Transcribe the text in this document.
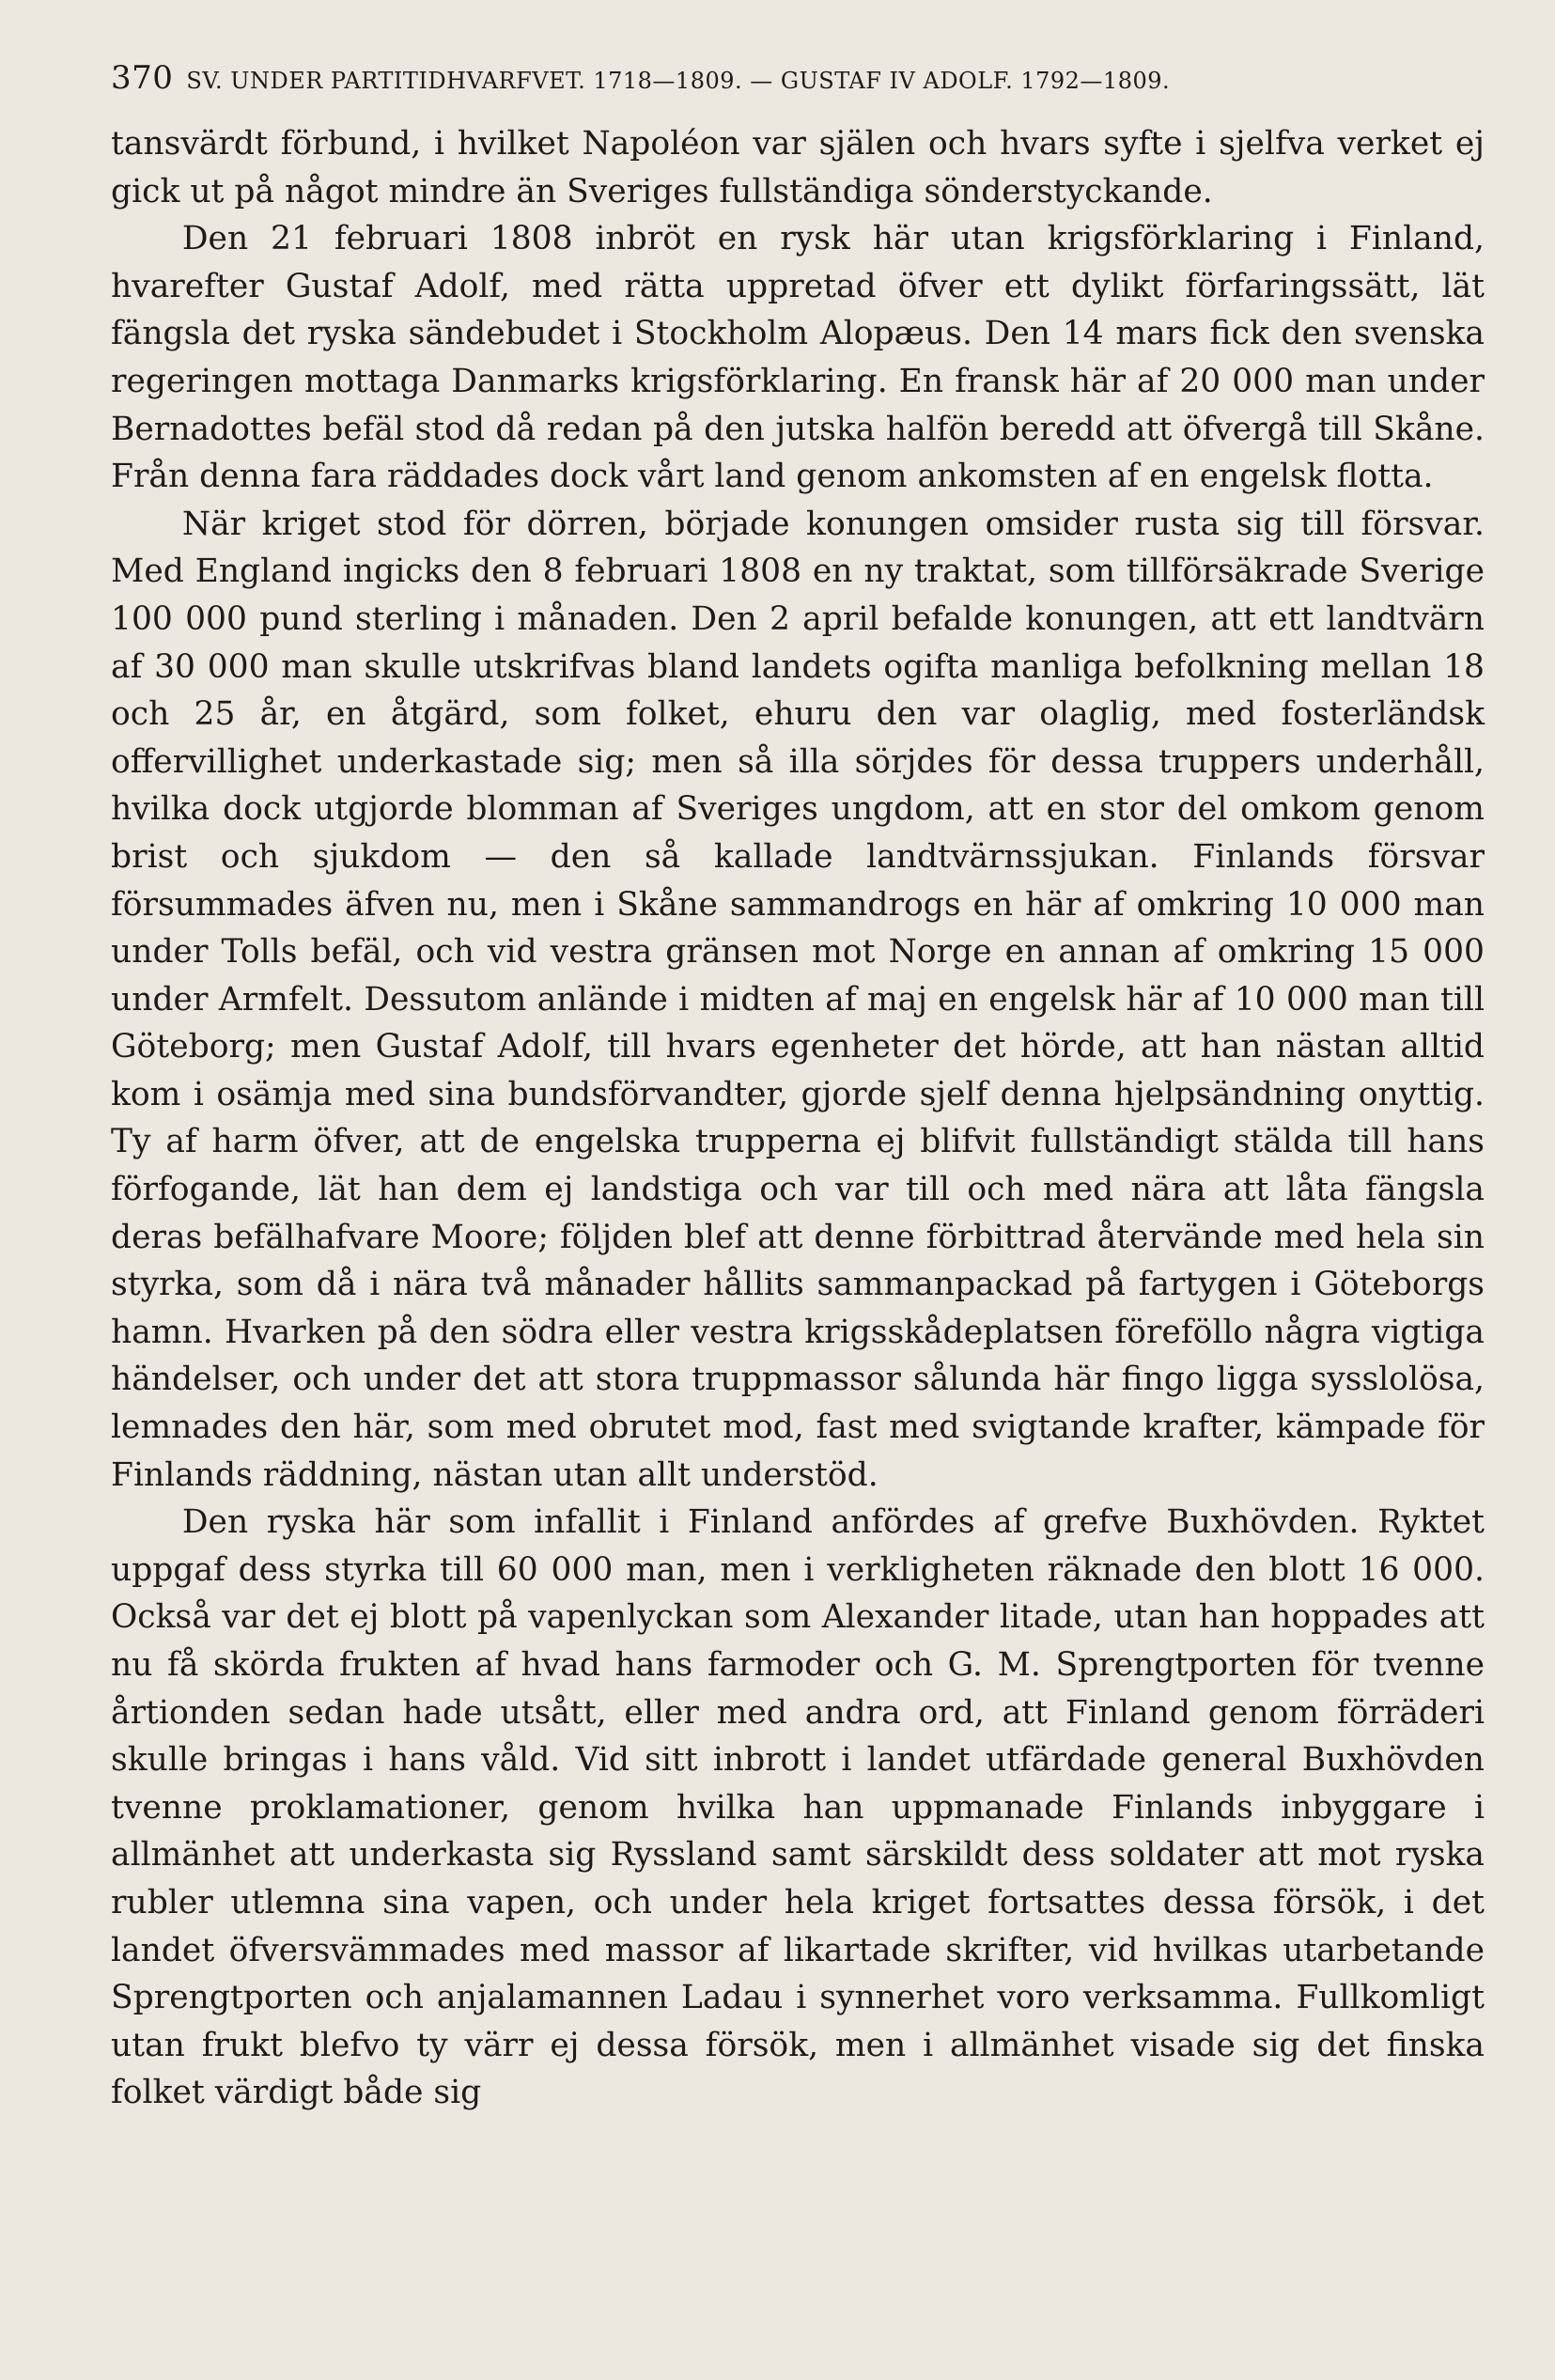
370 SV. UNDER PARTITIDHVARFVET. 1718—1809. — GUSTAF IV ADOLF. 1792—1809.

tansvärdt förbund, i hvilket Napoléon var själen och hvars syfte i sjelfva verket ej gick ut på något mindre än Sveriges fullständiga sönderstyckande.

Den 21 februari 1808 inbröt en rysk här utan krigsförklaring i Finland, hvarefter Gustaf Adolf, med rätta uppretad öfver ett dylikt förfaringssätt, lät fängsla det ryska sändebudet i Stockholm Alopæus. Den 14 mars fick den svenska regeringen mottaga Danmarks krigsförklaring. En fransk här af 20 000 man under Bernadottes befäl stod då redan på den jutska halfön beredd att öfvergå till Skåne. Från denna fara räddades dock vårt land genom ankomsten af en engelsk flotta.

När kriget stod för dörren, började konungen omsider rusta sig till försvar. Med England ingicks den 8 februari 1808 en ny traktat, som tillförsäkrade Sverige 100 000 pund sterling i månaden. Den 2 april befalde konungen, att ett landtvärn af 30 000 man skulle utskrifvas bland landets ogifta manliga befolkning mellan 18 och 25 år, en åtgärd, som folket, ehuru den var olaglig, med fosterländsk offervillighet underkastade sig; men så illa sörjdes för dessa truppers underhåll, hvilka dock utgjorde blomman af Sveriges ungdom, att en stor del omkom genom brist och sjukdom — den så kallade landtvärnssjukan. Finlands försvar försummades äfven nu, men i Skåne sammandrogs en här af omkring 10 000 man under Tolls befäl, och vid vestra gränsen mot Norge en annan af omkring 15 000 under Armfelt. Dessutom anlände i midten af maj en engelsk här af 10 000 man till Göteborg; men Gustaf Adolf, till hvars egenheter det hörde, att han nästan alltid kom i osämja med sina bundsförvandter, gjorde sjelf denna hjelpsändning onyttig. Ty af harm öfver, att de engelska trupperna ej blifvit fullständigt stälda till hans förfogande, lät han dem ej landstiga och var till och med nära att låta fängsla deras befälhafvare Moore; följden blef att denne förbittrad återvände med hela sin styrka, som då i nära två månader hållits sammanpackad på fartygen i Göteborgs hamn. Hvarken på den södra eller vestra krigsskådeplatsen föreföllo några vigtiga händelser, och under det att stora truppmassor sålunda här fingo ligga sysslolösa, lemnades den här, som med obrutet mod, fast med svigtande krafter, kämpade för Finlands räddning, nästan utan allt understöd.

Den ryska här som infallit i Finland anfördes af grefve Buxhövden. Ryktet uppgaf dess styrka till 60 000 man, men i verkligheten räknade den blott 16 000. Också var det ej blott på vapenlyckan som Alexander litade, utan han hoppades att nu få skörda frukten af hvad hans farmoder och G. M. Sprengtporten för tvenne årtionden sedan hade utsått, eller med andra ord, att Finland genom förräderi skulle bringas i hans våld. Vid sitt inbrott i landet utfärdade general Buxhövden tvenne proklamationer, genom hvilka han uppmanade Finlands inbyggare i allmänhet att underkasta sig Ryssland samt särskildt dess soldater att mot ryska rubler utlemna sina vapen, och under hela kriget fortsattes dessa försök, i det landet öfversvämmades med massor af likartade skrifter, vid hvilkas utarbetande Sprengtporten och anjalamannen Ladau i synnerhet voro verksamma. Fullkomligt utan frukt blefvo ty värr ej dessa försök, men i allmänhet visade sig det finska folket värdigt både sig
